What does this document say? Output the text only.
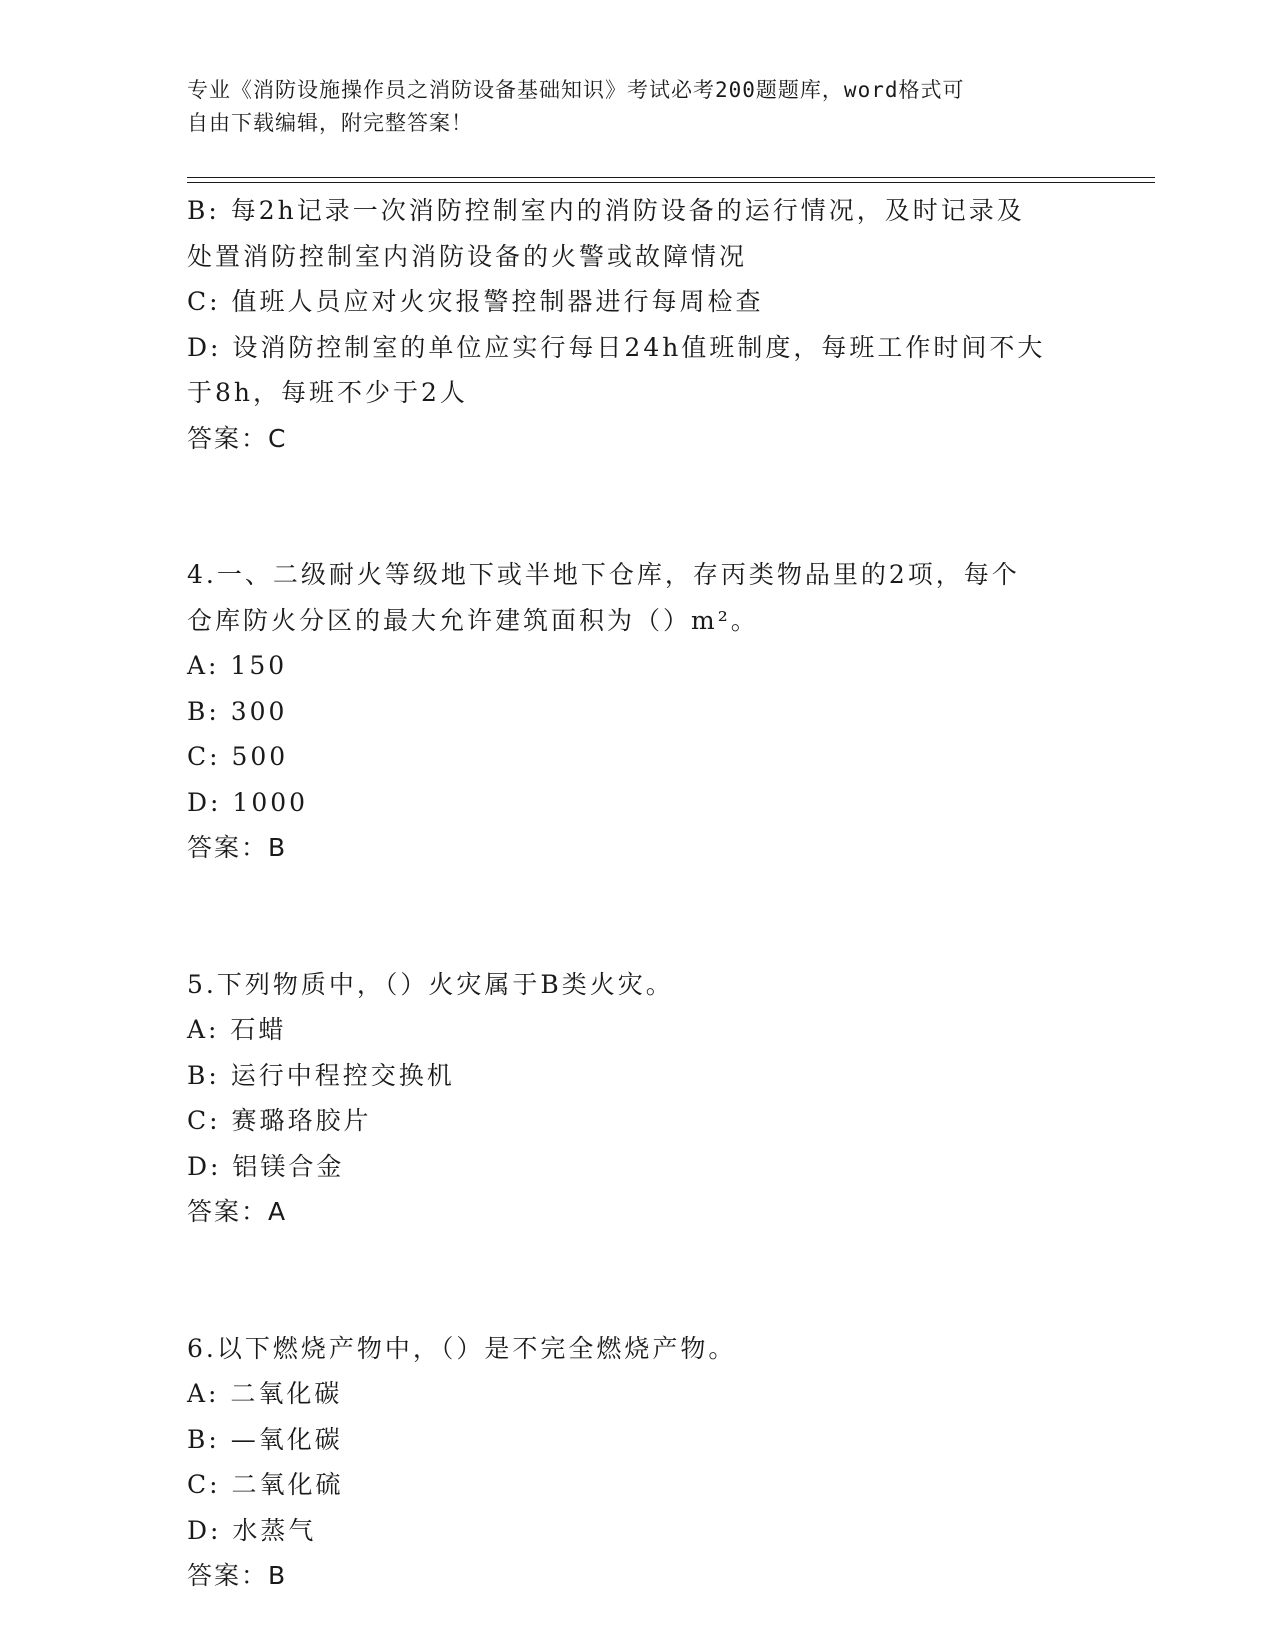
专业《消防设施操作员之消防设备基础知识》考试必考200题题库，word格式可
自由下载编辑，附完整答案！
B: 每2h记录一次消防控制室内的消防设备的运行情况，及时记录及
处置消防控制室内消防设备的火警或故障情况
C: 值班人员应对火灾报警控制器进行每周检查
D: 设消防控制室的单位应实行每日24h值班制度，每班工作时间不大
于8h，每班不少于2人
答案：C
4.一、二级耐火等级地下或半地下仓库，存丙类物品里的2项，每个
仓库防火分区的最大允许建筑面积为（）m²。
A: 150
B: 300
C: 500
D: 1000
答案：B
5.下列物质中，（）火灾属于B类火灾。
A: 石蜡
B: 运行中程控交换机
C: 赛璐珞胶片
D: 铝镁合金
答案：A
6.以下燃烧产物中，（）是不完全燃烧产物。
A: 二氧化碳
B: —氧化碳
C: 二氧化硫
D: 水蒸气
答案：B
